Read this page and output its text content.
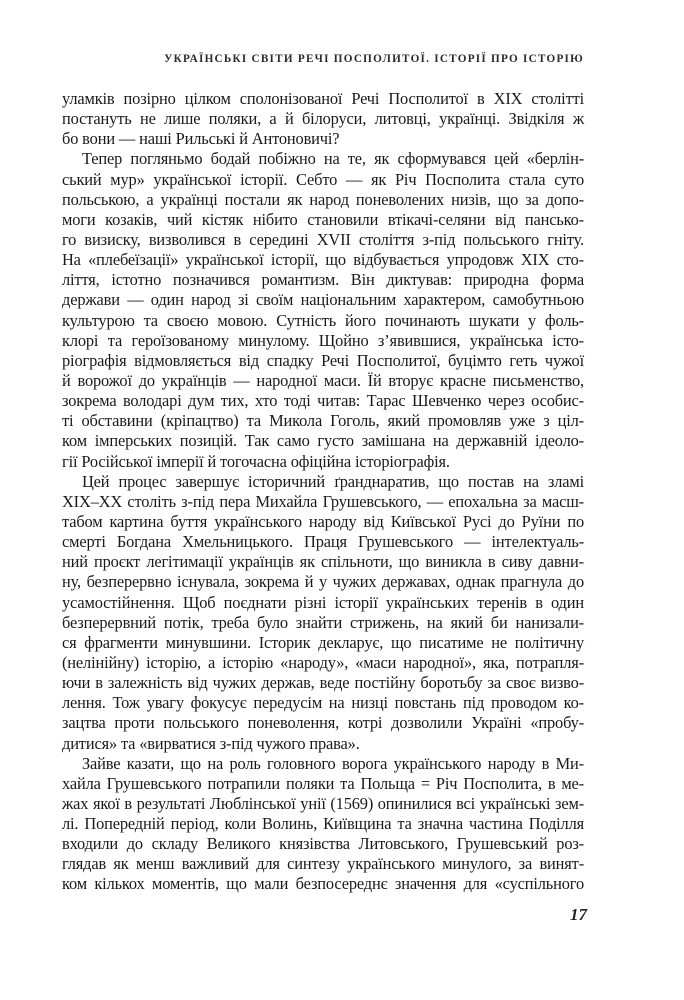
УКРАЇНСЬКІ СВІТИ РЕЧІ ПОСПОЛИТОЇ. ІСТОРІЇ ПРО ІСТОРІЮ
уламків позірно цілком сполонізованої Речі Посполитої в XIX столітті
постануть не лише поляки, а й білоруси, литовці, українці. Звідкіля ж
бо вони — наші Рильські й Антоновичі?
Тепер погляньмо бодай побіжно на те, як сформувався цей «берлін-
ський мур» української історії. Себто — як Річ Посполита стала суто
польською, а українці постали як народ поневолених низів, що за допо-
моги козаків, чий кістяк нібито становили втікачі-селяни від пансько-
го визиску, визволився в середині XVII століття з-під польського гніту.
На «плебеїзації» української історії, що відбувається упродовж XIX сто-
ліття, істотно позначився романтизм. Він диктував: природна форма
держави — один народ зі своїм національним характером, самобутньою
культурою та своєю мовою. Сутність його починають шукати у фоль-
клорі та героїзованому минулому. Щойно з’явившися, українська істо-
ріографія відмовляється від спадку Речі Посполитої, буцімто геть чужої
й ворожої до українців — народної маси. Їй вторує красне письменство,
зокрема володарі дум тих, хто тоді читав: Тарас Шевченко через особис-
ті обставини (кріпацтво) та Микола Гоголь, який промовляв уже з ціл-
ком імперських позицій. Так само густо замішана на державній ідеоло-
гії Російської імперії й тогочасна офіційна історіографія.
Цей процес завершує історичний ґранднаратив, що постав на зламі
XIX–XX століть з-під пера Михайла Грушевського, — епохальна за масш-
табом картина буття українського народу від Київської Русі до Руїни по
смерті Богдана Хмельницького. Праця Грушевського — інтелектуаль-
ний проєкт легітимації українців як спільноти, що виникла в сиву давни-
ну, безперервно існувала, зокрема й у чужих державах, однак прагнула до
усамостійнення. Щоб поєднати різні історії українських теренів в один
безперервний потік, треба було знайти стрижень, на який би нанизали-
ся фрагменти минувшини. Історик декларує, що писатиме не політичну
(нелінійну) історію, а історію «народу», «маси народної», яка, потрапля-
ючи в залежність від чужих держав, веде постійну боротьбу за своє визво-
лення. Тож увагу фокусує передусім на низці повстань під проводом ко-
зацтва проти польського поневолення, котрі дозволили Україні «пробу-
дитися» та «вирватися з-під чужого права».
Зайве казати, що на роль головного ворога українського народу в Ми-
хайла Грушевського потрапили поляки та Польща = Річ Посполита, в ме-
жах якої в результаті Люблінської унії (1569) опинилися всі українські зем-
лі. Попередній період, коли Волинь, Київщина та значна частина Поділля
входили до складу Великого князівства Литовського, Грушевський роз-
глядав як менш важливий для синтезу українського минулого, за винят-
ком кількох моментів, що мали безпосереднє значення для «суспільного
17
